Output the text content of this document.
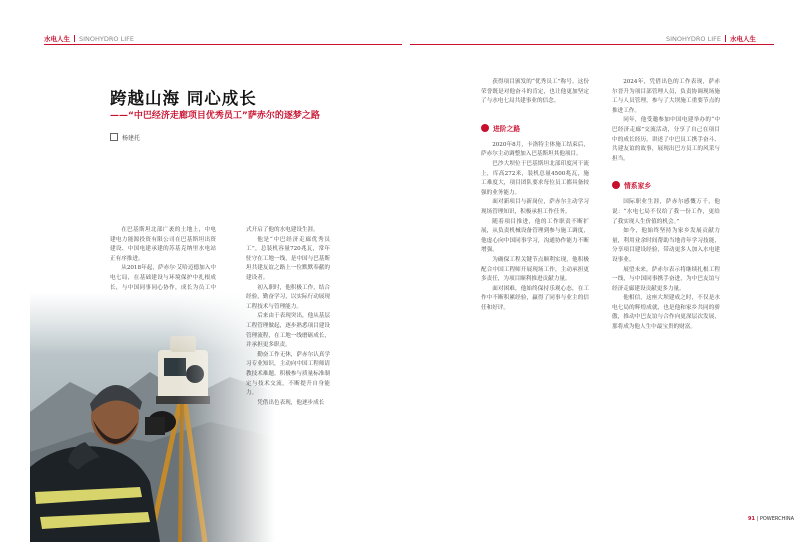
水电人生 SINOHYDRO LIFE	SINOHYDRO LIFE 水电人生
跨越山海 同心成长
——“中巴经济走廊项目优秀员工”萨赤尔的逐梦之路
杨建托

在巴基斯坦北部广袤的土地上，中电建电力能源投资有限公司在巴基斯坦出资建设、中国电建承建的苏基克纳里水电站正有序推进。

从2018年起，萨赤尔·艾哈迈德加入中电七局，在基础建设与环境保护中扎根成长，与中国同事同心协作，成长为员工中

式开启了他的水电建设生涯。

他是“中巴经济走廊优秀员工”，总装机容量720兆瓦，常年驻守在工地一线，是中国与巴基斯坦共建友谊之路上一位默默奉献的建设者。

初入职时，他积极工作，结合经验，勤奋学习，以实际行动展现工程技术与管理能力。

后来由于表现突出，他从基层工程管理做起，逐步熟悉项目建设管理流程，在工地一线磨砺成长，并承担更多职责。

勤奋工作无休，萨赤尔认真学习专业知识，主动向中国工程师请教技术难题。积极参与质量标准制定与技术交流，不断提升自身能力。

凭借出色表现，他逐步成长

获得项目颁发的“优秀员工”称号。这份荣誉既是对他奋斗的肯定，也让他更加坚定了与水电七局共建事业的信念。

进阶之路

2020年8月，卡洛特主体施工结束后，萨赤尔主动调整加入巴基斯坦其他项目。

巴沙大坝位于巴基斯坦北部印度河干流上，库高272米，装机总量4500兆瓦，施工难度大，项目团队要求每位员工都具备较强的业务能力。

面对新项目与新岗位，萨赤尔主动学习现场管理知识，积极承担工作任务。

随着项目推进，他的工作职责不断扩展，从负责机械设备管理到参与施工调度，他虚心向中国同事学习，沟通协作能力不断增强。

为确保工程关键节点顺利实现，他积极配合中国工程师开展现场工作，主动承担更多责任，为项目顺利推进贡献力量。

面对困难，他始终保持乐观心态，在工作中不断积累经验，赢得了同事与业主的信任和好评。

2024年，凭借出色的工作表现，萨赤尔晋升为项目部管理人员，负责协调现场施工与人员管理，参与了大坝施工重要节点的推进工作。

同年，他受邀参加中国电建举办的“中巴经济走廊”交流活动，分享了自己在项目中的成长经历，讲述了中巴员工携手奋斗、共建友谊的故事，展现出巴方员工的风采与担当。

情系家乡

国际职业生涯，萨赤尔感慨万千，他说：“水电七局不仅给了我一份工作，更给了我实现人生价值的机会。”

如今，他始终坚持为家乡发展贡献力量，利用业余时间帮助当地青年学习技能，分享项目建设经验，带动更多人加入水电建设事业。

展望未来，萨赤尔表示将继续扎根工程一线，与中国同事携手奋进，为中巴友谊与经济走廊建设贡献更多力量。

他相信，这座大坝建成之时，不仅是水电七局的辉煌成就，也是他和家乡共同的骄傲，推动中巴友谊与合作向更深层次发展，那将成为他人生中最宝贵的财富。

91 | POWERCHINA
